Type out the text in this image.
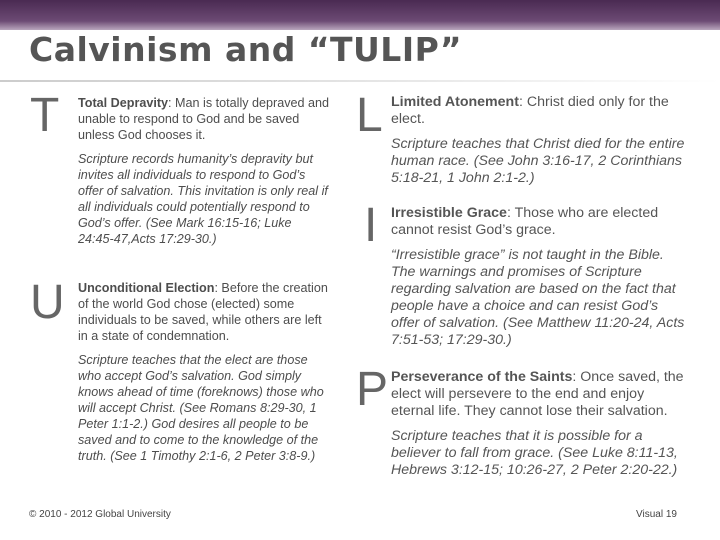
Calvinism and “TULIP”
T Total Depravity: Man is totally depraved and unable to respond to God and be saved unless God chooses it.

Scripture records humanity’s depravity but invites all individuals to respond to God’s offer of salvation. This invitation is only real if all individuals could potentially respond to God’s offer. (See Mark 16:15-16; Luke 24:45-47,Acts 17:29-30.)

U Unconditional Election: Before the creation of the world God chose (elected) some individuals to be saved, while others are left in a state of condemnation.

Scripture teaches that the elect are those who accept God’s salvation. God simply knows ahead of time (foreknows) those who will accept Christ. (See Romans 8:29-30, 1 Peter 1:1-2.) God desires all people to be saved and to come to the knowledge of the truth. (See 1 Timothy 2:1-6, 2 Peter 3:8-9.)

L Limited Atonement: Christ died only for the elect.

Scripture teaches that Christ died for the entire human race. (See John 3:16-17, 2 Corinthians 5:18-21, 1 John 2:1-2.)

I Irresistible Grace: Those who are elected cannot resist God’s grace.

“Irresistible grace” is not taught in the Bible. The warnings and promises of Scripture regarding salvation are based on the fact that people have a choice and can resist God’s offer of salvation. (See Matthew 11:20-24, Acts 7:51-53; 17:29-30.)

P Perseverance of the Saints: Once saved, the elect will persevere to the end and enjoy eternal life. They cannot lose their salvation.

Scripture teaches that it is possible for a believer to fall from grace. (See Luke 8:11-13, Hebrews 3:12-15; 10:26-27, 2 Peter 2:20-22.)

© 2010 - 2012 Global University	Visual 19
